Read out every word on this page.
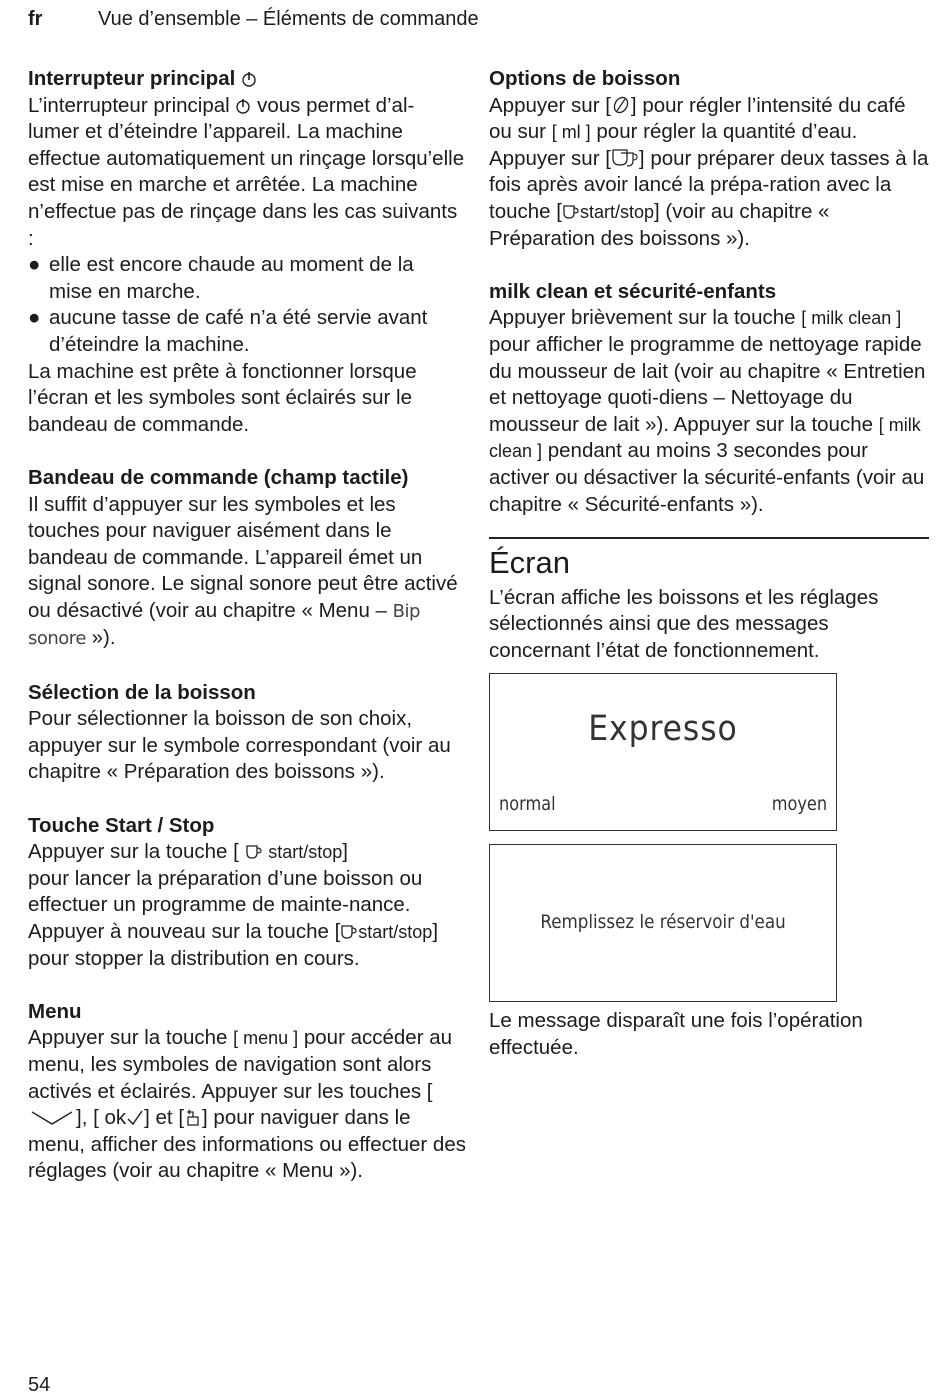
fr	Vue d’ensemble – Éléments de commande

Interrupteur principal

L’interrupteur principal vous permet d’al- lumer et d’éteindre l’appareil. La machine effectue automatiquement un rinçage lorsqu’elle est mise en marche et arrêtée. La machine n’effectue pas de rinçage dans les cas suivants :

● elle est encore chaude au moment de la
mise en marche.
● aucune tasse de café n’a été servie avant
d’éteindre la machine.

La machine est prête à fonctionner lorsque l’écran et les symboles sont éclairés sur le bandeau de commande.

Bandeau de commande (champ tactile)

Il suffit d’appuyer sur les symboles et les touches pour naviguer aisément dans le bandeau de commande. L’appareil émet un signal sonore. Le signal sonore peut être activé ou désactivé (voir au chapitre « Menu – Bip sonore »).

Sélection de la boisson

Pour sélectionner la boisson de son choix, appuyer sur le symbole correspondant (voir au chapitre « Préparation des boissons »).

Touche Start / Stop

Appuyer sur la touche [ start/stop]

pour lancer la préparation d’une boisson ou effectuer un programme de mainte-nance. Appuyer à nouveau sur la touche [ start/stop] pour stopper la distribution en cours.

Menu

Appuyer sur la touche [ menu ] pour accéder au menu, les symboles de navigation sont alors activés et éclairés. Appuyer sur les touches [
], [ ok ] et [ ] pour naviguer dans le menu, afficher des informations ou effectuer des réglages (voir au chapitre « Menu »).

Options de boisson

Appuyer sur [ ] pour régler l’intensité du café ou sur [ ml ] pour régler la quantité d’eau. Appuyer sur [ ] pour préparer deux tasses à la fois après avoir lancé la prépa-ration avec la touche [ start/stop] (voir au chapitre « Préparation des boissons »).

milk clean et sécurité-enfants

Appuyer brièvement sur la touche [ milk clean ] pour afficher le programme de nettoyage rapide du mousseur de lait (voir au chapitre « Entretien et nettoyage quoti-diens – Nettoyage du mousseur de lait »). Appuyer sur la touche [ milk clean ] pendant au moins 3 secondes pour activer ou désactiver la sécurité-enfants (voir au chapitre « Sécurité-enfants »).

Écran

L’écran affiche les boissons et les réglages sélectionnés ainsi que des messages concernant l’état de fonctionnement.

Expresso
normal	moyen
Remplissez le réservoir d'eau

Le message disparaît une fois l’opération effectuée.

54
